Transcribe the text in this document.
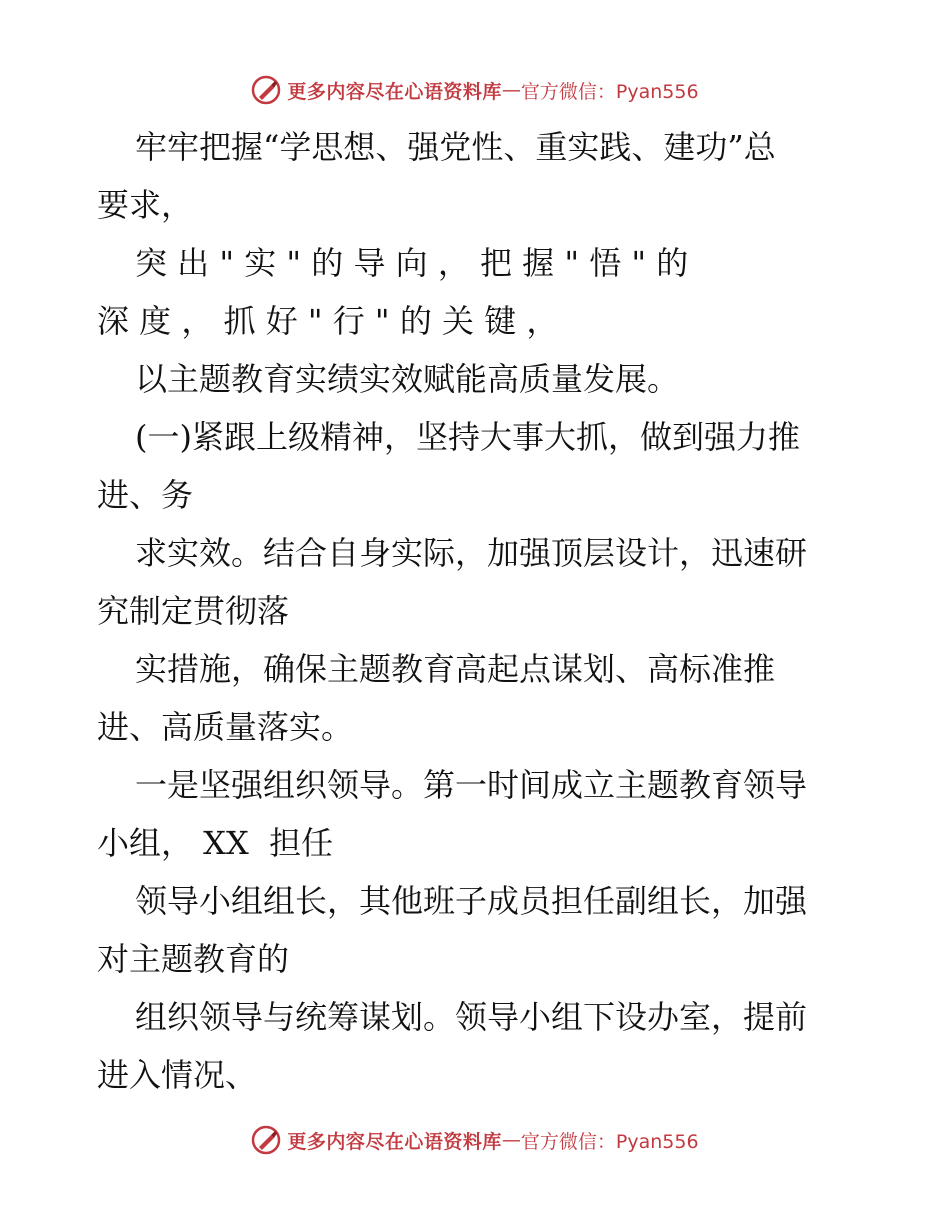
更多内容尽在心语资料库 — 官方微信：Pyan556

牢牢把握“学思想、强党性、重实践、建功”总

要求，

突 出 " 实 " 的 导 向 ， 把 握 " 悟 " 的

深 度 ， 抓 好 " 行 " 的 关 键 ，

以主题教育实绩实效赋能高质量发展。

(一)紧跟上级精神，坚持大事大抓，做到强力推

进、务

求实效。结合自身实际，加强顶层设计，迅速研

究制定贯彻落

实措施，确保主题教育高起点谋划、高标准推

进、高质量落实。

一是坚强组织领导。第一时间成立主题教育领导

小组， XX  担任

领导小组组长，其他班子成员担任副组长，加强

对主题教育的

组织领导与统筹谋划。领导小组下设办室，提前

进入情况、

更多内容尽在心语资料库 — 官方微信：Pyan556
